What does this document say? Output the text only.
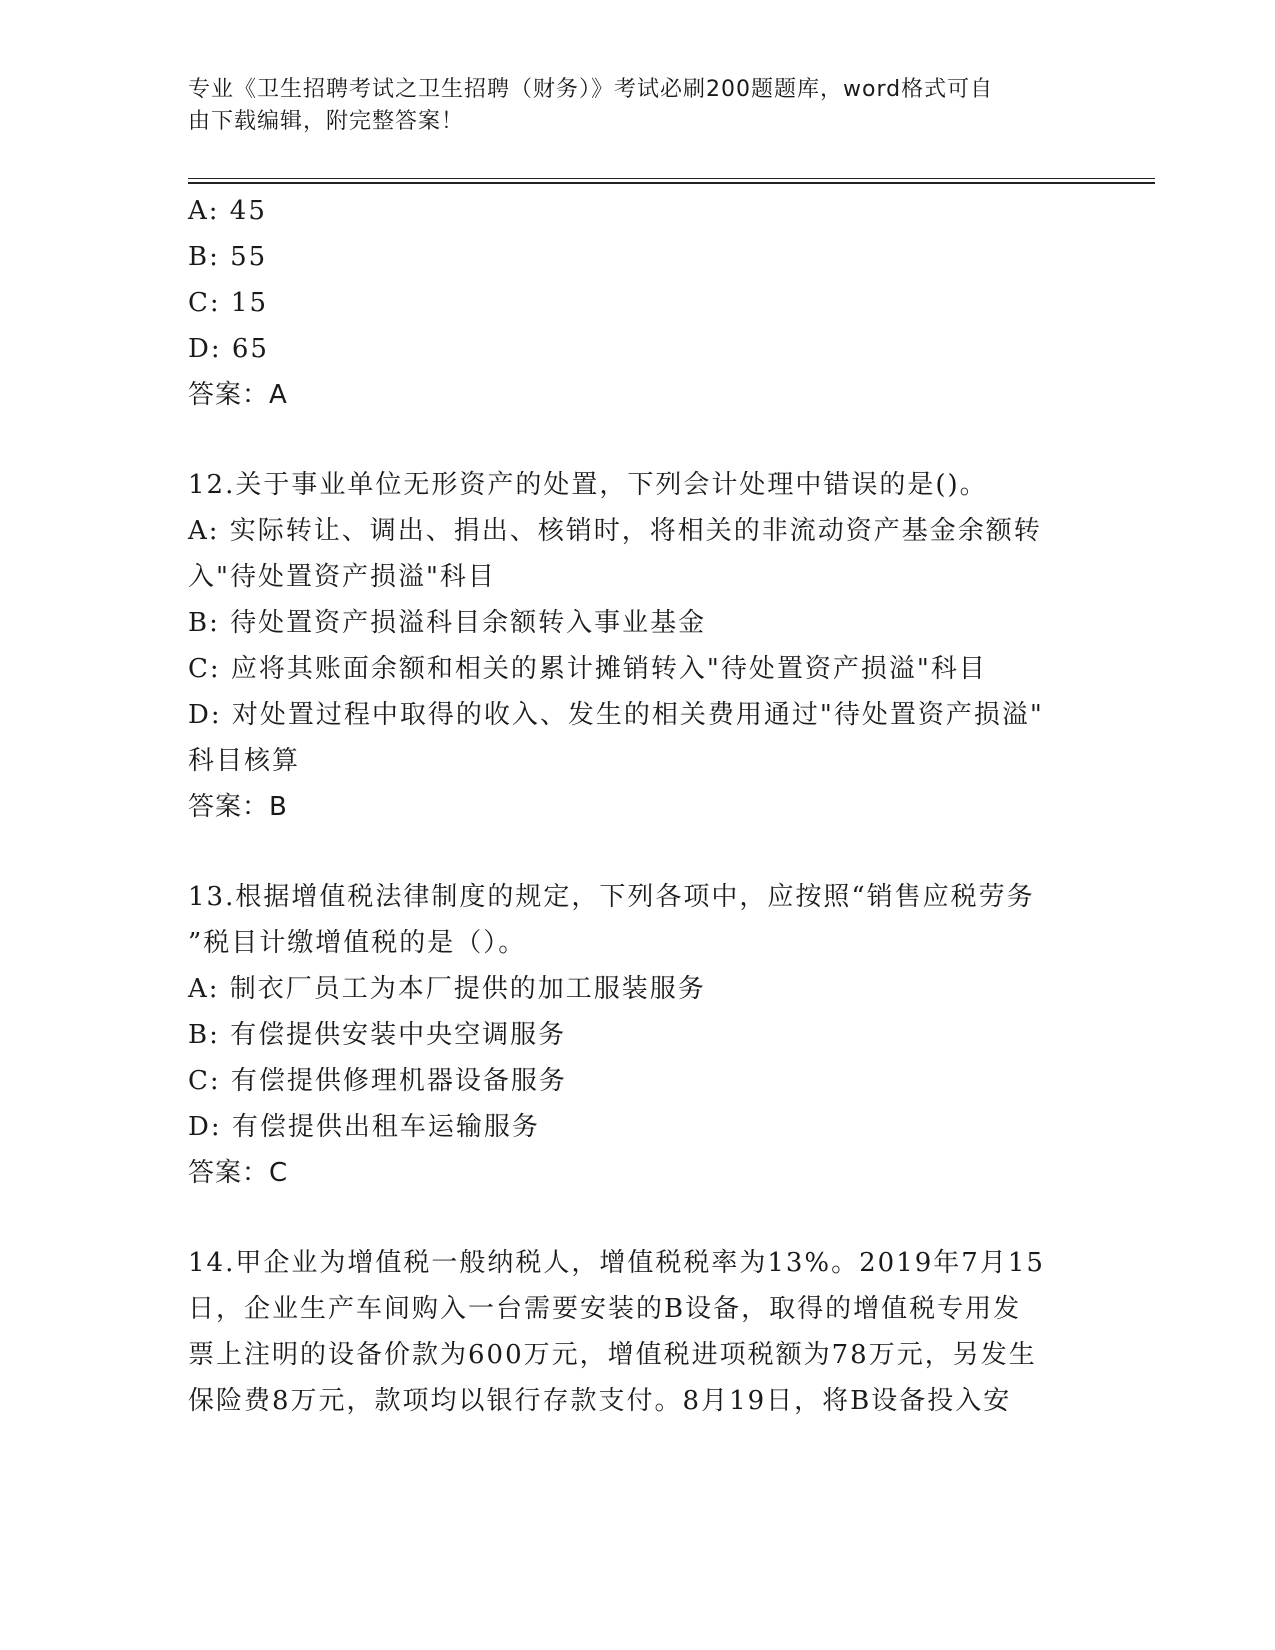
专业《卫生招聘考试之卫生招聘（财务）》考试必刷200题题库，word格式可自
由下载编辑，附完整答案！
A: 45
B: 55
C: 15
D: 65
答案：A
12.关于事业单位无形资产的处置，下列会计处理中错误的是()。
A: 实际转让、调出、捐出、核销时，将相关的非流动资产基金余额转
入"待处置资产损溢"科目
B: 待处置资产损溢科目余额转入事业基金
C: 应将其账面余额和相关的累计摊销转入"待处置资产损溢"科目
D: 对处置过程中取得的收入、发生的相关费用通过"待处置资产损溢"
科目核算
答案：B
13.根据增值税法律制度的规定，下列各项中，应按照“销售应税劳务
”税目计缴增值税的是（）。
A: 制衣厂员工为本厂提供的加工服装服务
B: 有偿提供安装中央空调服务
C: 有偿提供修理机器设备服务
D: 有偿提供出租车运输服务
答案：C
14.甲企业为增值税一般纳税人，增值税税率为13%。2019年7月15
日，企业生产车间购入一台需要安装的B设备，取得的增值税专用发
票上注明的设备价款为600万元，增值税进项税额为78万元，另发生
保险费8万元，款项均以银行存款支付。8月19日，将B设备投入安
